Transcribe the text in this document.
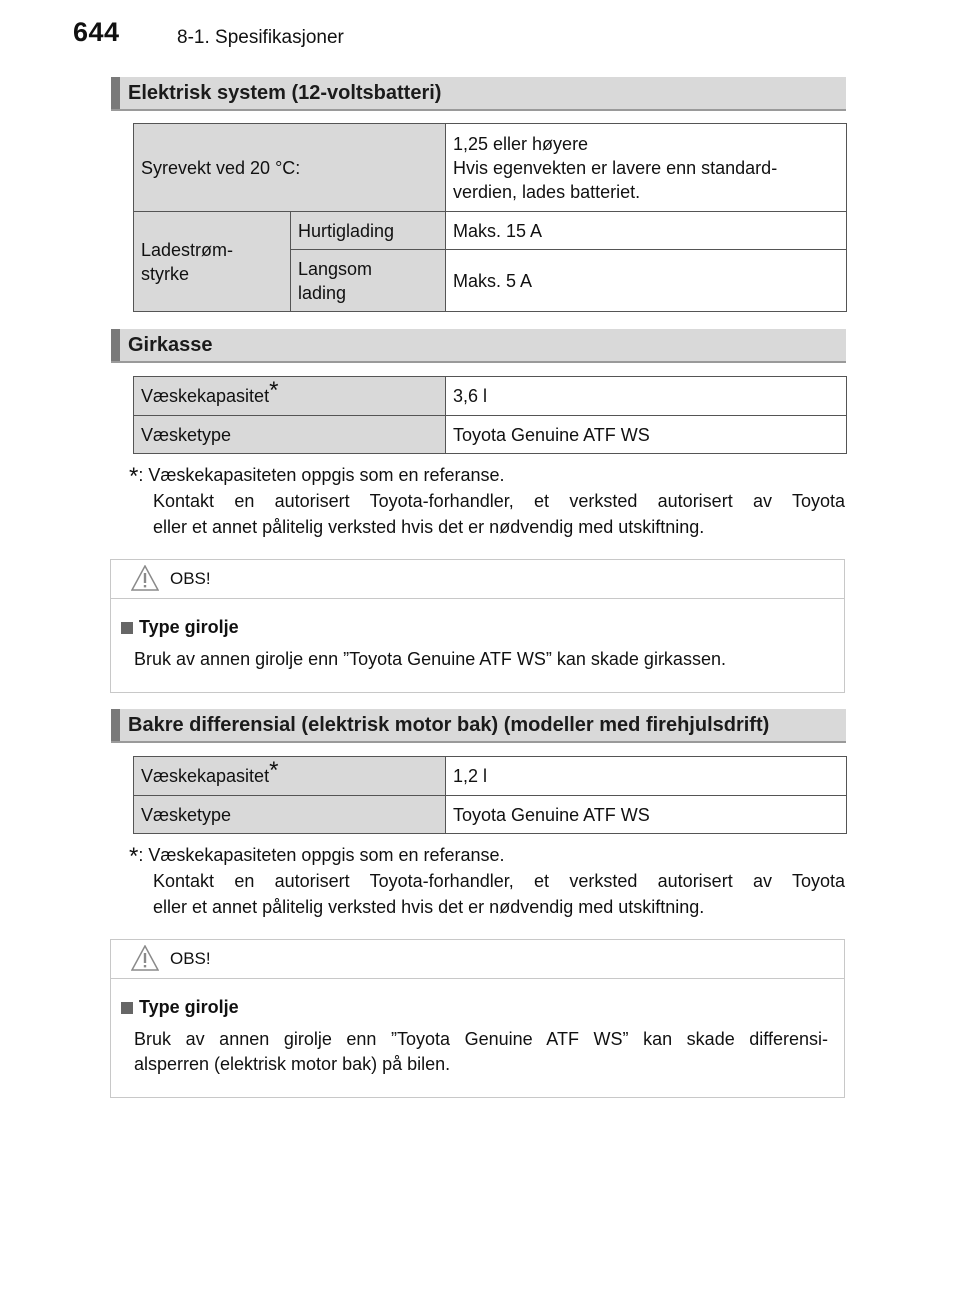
644	8-1. Spesifikasjoner
Elektrisk system (12-voltsbatteri)
Syrevekt ved 20 °C:		1,25 eller høyere
Hvis egenvekten er lavere enn standard-
verdien, lades batteriet.

Ladestrøm-
styrke	Hurtiglading	Maks. 15 A

	Langsom
lading	Maks. 5 A
Girkasse
Væskekapasitet*	3,6 l
Væsketype	Toyota Genuine ATF WS
*: Væskekapasiteten oppgis som en referanse.
Kontakt en autorisert Toyota-forhandler, et verksted autorisert av Toyota
eller et annet pålitelig verksted hvis det er nødvendig med utskiftning.
OBS!
Type girolje
Bruk av annen girolje enn ”Toyota Genuine ATF WS” kan skade girkassen.
Bakre differensial (elektrisk motor bak) (modeller med firehjulsdrift)
Væskekapasitet*	1,2 l
Væsketype	Toyota Genuine ATF WS
*: Væskekapasiteten oppgis som en referanse.
Kontakt en autorisert Toyota-forhandler, et verksted autorisert av Toyota
eller et annet pålitelig verksted hvis det er nødvendig med utskiftning.
OBS!
Type girolje
Bruk av annen girolje enn ”Toyota Genuine ATF WS” kan skade differensi-
alsperren (elektrisk motor bak) på bilen.
